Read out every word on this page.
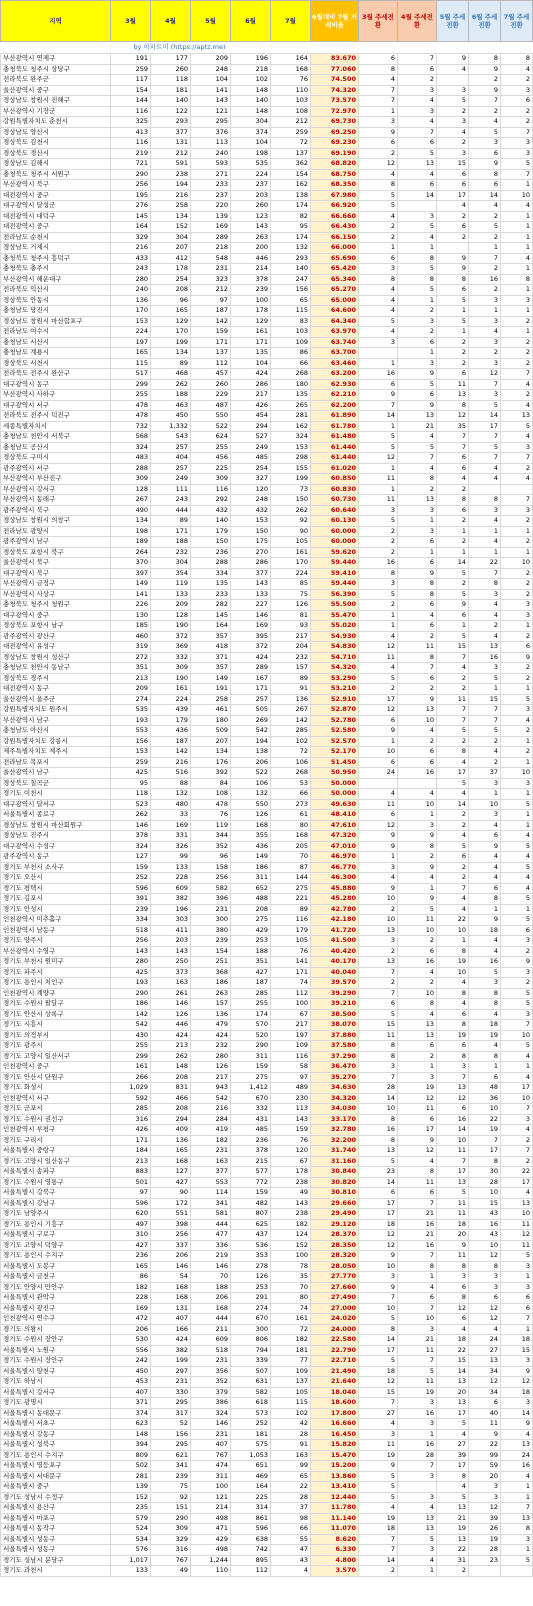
지역	3월	4월	5월	6월	7월	6월대비 7월 거래비율	3월 주세전환	4월 주세전환	5월 주세전환	6월 주세전환	7월 주세전환
by 아파트미 (https://aptz.me)											
부산광역시 연제구	191	177	209	196	164	83.670	6	7	9	8	8
충청북도 청주시 상당구	259	260	248	218	168	77.060	8	6	4	9	4
전라북도 완주군	117	118	104	102	76	74.500	4	2		2	2
울산광역시 중구	154	181	141	148	110	74.320	7	3	3	9	3
경상남도 창원시 진해구	144	140	143	140	103	73.570	7	4	5	7	6
부산광역시 기장군	116	122	121	148	108	72.970	1	3	2	2	2
강원특별자치도 춘천시	325	293	295	304	212	69.730	3	4	3	4	2
경상남도 양산시	413	377	376	374	259	69.250	9	7	4	5	7
경상북도 김천시	116	131	113	104	72	69.230	6	6	2	3	3
경상북도 경산시	219	212	240	198	137	69.190	2	5	3	6	3
경상남도 김해시	721	591	593	535	362	68.820	12	13	15	9	5
충청북도 청주시 서원구	290	238	271	224	154	68.750	4	4	6	8	7
부산광역시 북구	256	194	233	237	162	68.350	8	6	6	6	1
대전광역시 중구	195	216	237	203	138	67.980	5	14	17	14	10
대구광역시 달성군	276	258	220	260	174	66.920	5		4	4	4
대전광역시 대덕구	145	134	139	123	82	66.660	4	3	2	2	1
대전광역시 중구	164	152	169	143	95	66.430	2	5	6	5	1
전라남도 순천시	329	304	289	263	174	66.150	2	4	2	2	1
경상남도 거제시	216	207	218	200	132	66.000	1	1		1	1
충청북도 청주시 흥덕구	433	412	548	446	293	65.690	6	8	9	7	4
충청북도 충주시	243	178	231	214	140	65.420	3	5	9	2	1
부산광역시 해운대구	280	254	323	378	247	65.340	8	8	8	16	8
전라북도 익산시	240	208	212	239	156	65.270	4	5	6	2	1
경상북도 안동시	136	96	97	100	65	65.000	4	1	5	3	3
충청남도 당진시	170	165	187	178	115	64.600	4	2	1	1	1
경상남도 창원시 마산합포구	153	129	142	129	83	64.340	5	3	5	3	2
전라남도 여수시	224	170	159	161	103	63.970	4	2	1	4	1
충청남도 서산시	197	199	171	171	109	63.740	3	6	2	3	2
충청남도 계룡시	165	134	137	135	86	63.700		1	2	2	2
경상북도 서천시	115	89	112	104	66	63.460	1	3	2	3	2
전라북도 전주시 완산구	517	468	457	424	268	63.200	16	9	6	12	7
대구광역시 동구	299	262	260	286	180	62.930	6	5	11	7	4
부산광역시 사하구	255	188	229	217	135	62.210	9	6	13	3	2
대구광역시 서구	478	463	487	426	265	62.200	7	9	8	5	4
전라북도 전주시 덕진구	478	450	550	454	281	61.890	14	13	12	14	13
세종특별자치시	732	1,332	522	294	162	61.780	1	21	35	17	5
충청남도 천안시 서북구	568	543	624	527	324	61.480	5	4	7	7	4
충청남도 공산시	324	257	255	249	153	61.440	5	5	7	5	3
경상북도 구미시	483	404	456	485	298	61.440	12	7	6	7	7
광주광역시 서구	288	257	225	254	155	61.020	1	4	6	4	2
부산광역시 부산진구	309	249	309	327	199	60.850	11	8	4	4	4
부산광역시 강서구	128	111	116	120	73	60.830	1	2	2		
부산광역시 동래구	267	243	292	248	150	60.730	11	13	8	8	7
광주광역시 북구	490	444	432	432	262	60.640	3	3	6	3	3
경상남도 창원시 의창구	134	89	140	153	92	60.130	5	1	2	4	2
전라남도 광양시	198	171	179	150	90	60.000	2	3	1	1	1
광주광역시 남구	189	188	150	175	105	60.000	2	6	2	4	2
경상북도 포항시 북구	264	232	236	270	161	59.620	2	1	1	1	1
울산광역시 북구	370	304	288	286	170	59.440	16	6	14	22	10
대구광역시 북구	397	354	334	377	224	59.410	8	9	5	7	2
부산광역시 금정구	149	119	135	143	85	59.440	3	8	2	8	2
부산광역시 사상구	141	133	233	133	75	56.390	5	8	5	3	2
충청북도 청주시 청원구	226	209	282	227	126	55.500	2	6	9	4	3
대구광역시 중구	130	128	145	146	81	55.470	1	4	6	4	3
경상북도 포항시 남구	185	190	164	169	93	55.020	1	6	1	2	1
광주광역시 광산구	460	372	357	395	217	54.930	4	2	5	4	2
대전광역시 유성구	319	369	418	372	204	54.830	12	11	15	13	6
경상남도 창원시 성산구	272	332	371	424	232	54.710	11	8	7	16	9
충청남도 천안시 동남구	351	309	357	289	157	54.320	4	7	4	3	2
경상북도 경주시	213	190	149	167	89	53.290	5	6	2	5	2
대전광역시 동구	209	161	191	171	91	53.210	2	2	2	1	1
울산광역시 울주군	274	224	258	257	136	52.910	17	9	11	15	5
강원특별자치도 원주시	535	439	461	505	267	52.870	12	13	7	7	3
부산광역시 남구	193	179	180	269	142	52.780	6	10	7	7	4
충청남도 아산시	553	436	509	542	285	52.580	9	4	5	5	2
강원특별자치도 강릉시	156	187	207	194	102	52.570	1	2	2	2	1
제주특별자치도 제주시	153	142	134	138	72	52.170	10	6	8	4	2
전라남도 목포시	259	216	176	206	106	51.450	6	6	4	2	1
울산광역시 남구	425	516	392	522	268	50.950	24	16	17	37	10
경상북도 칠곡군	95	88	84	106	53	50.000			5	3	3
경기도 이천시	118	132	108	132	66	50.000	4	4	4	1	1
대구광역시 달서구	523	480	478	550	273	49.630	11	10	14	10	5
서울특별시 종로구	262	33	76	126	61	48.410	6	1	2	3	1
경상남도 창원시 마산회원구	146	169	119	168	80	47.610	12	3	2	4	1
경상남도 진주시	378	331	344	355	168	47.320	9	9	4	6	4
대구광역시 수성구	324	326	352	436	205	47.010	9	8	5	9	5
광주광역시 동구	127	99	96	149	70	46.970	1	2	6	4	4
경기도 부천시 소사구	159	133	158	186	87	46.770	3	9	2	4	5
경기도 오산시	252	228	256	311	144	46.300	4	4	2	4	4
경기도 평택시	596	609	582	652	275	45.880	9	1	7	6	4
경기도 김포시	391	382	396	488	221	45.280	10	9	4	8	5
경기도 안성시	239	196	231	208	89	42.780	2	5	4	1	1
인천광역시 미추홀구	334	303	300	275	116	42.180	10	11	22	9	5
인천광역시 남동구	518	411	380	429	179	41.720	13	10	10	18	6
경기도 양주시	256	203	239	253	105	41.500	3	2	1	4	3
부산광역시 수영구	143	143	154	188	76	40.420	2	6	8	4	2
경기도 부천시 원미구	280	250	251	351	141	40.170	13	16	19	16	9
경기도 파주시	425	373	368	427	171	40.040	7	4	10	5	3
경기도 용인시 처인구	193	163	186	187	74	39.570	2	2	4	3	2
인천광역시 계양구	290	261	263	285	112	39.290	7	10	8	8	5
경기도 수원시 팔달구	186	146	157	255	100	39.210	6	8	4	8	5
경기도 안산시 상록구	142	126	136	174	67	38.500	5	4	6	4	3
경기도 시흥시	542	446	479	570	217	38.070	15	13	8	18	7
경기도 의정부시	430	424	424	520	197	37.880	11	13	19	19	10
경기도 광주시	255	213	232	290	109	37.580	8	6	6	4	5
경기도 고양시 일산서구	299	262	280	311	116	37.290	8	2	8	8	4
인천광역시 중구	161	148	126	159	58	36.470	3	1	3	1	1
경기도 안산시 단원구	266	208	217	275	97	35.270	7	3	7	6	4
경기도 화성시	1,029	831	943	1,412	489	34.630	28	19	13	48	17
인천광역시 서구	592	466	542	670	230	34.320	14	12	12	36	10
경기도 군포시	285	208	216	332	113	34.030	10	11	6	10	7
경기도 수원시 권선구	316	294	284	431	143	33.170	8	6	16	22	3
인천광역시 부평구	426	409	419	485	159	32.780	16	17	14	19	4
경기도 구리시	171	136	182	236	76	32.200	8	9	10	7	2
서울특별시 중랑구	184	165	231	378	120	31.740	13	12	11	17	7
경기도 고양시 일산동구	213	168	163	215	67	31.160	5	4	7	8	2
서울특별시 송파구	883	127	377	577	178	30.840	23	8	17	30	22
경기도 수원시 영통구	501	427	553	772	238	30.820	14	11	13	28	17
서울특별시 강북구	97	90	114	159	49	30.810	6	6	5	10	4
서울특별시 강남구	596	172	341	482	143	29.660	17	7	11	15	13
경기도 남양주시	620	551	581	807	238	29.490	17	21	11	43	10
경기도 용인시 기흥구	497	398	444	625	182	29.120	18	16	18	16	11
서울특별시 구로구	310	256	477	437	124	28.370	12	21	20	43	12
경기도 고양시 덕양구	427	337	336	536	152	28.350	12	16	9	10	11
경기도 용인시 수지구	236	206	219	353	100	28.320	9	7	11	12	5
서울특별시 도봉구	165	146	146	278	78	28.050	10	8	8	8	3
서울특별시 금천구	86	54	70	126	35	27.770	3	1	3	3	1
경기도 안양시 만안구	182	168	188	253	70	27.660	9	4	6	3	3
서울특별시 관악구	228	168	206	291	80	27.490	7	6	8	6	6
서울특별시 광진구	169	131	168	274	74	27.000	10	7	12	12	6
인천광역시 연수구	472	407	444	670	161	24.020	5	10	6	12	7
경기도 의왕시	206	166	211	300	72	24.000	8	3	4	4	1
경기도 수원시 장안구	530	424	609	806	182	22.580	14	21	18	24	18
서울특별시 노원구	556	382	518	794	181	22.790	17	11	22	27	15
경기도 수원시 장안구	242	199	231	339	77	22.710	5	7	15	13	3
서울특별시 양천구	450	297	356	507	109	21.490	18	5	14	34	9
경기도 하남시	453	231	352	631	137	21.640	12	11	13	12	12
서울특별시 강서구	407	330	379	582	105	18.040	15	19	20	34	18
경기도 광명시	371	295	386	618	115	18.600	7	3	13	6	3
서울특별시 동대문구	374	317	324	573	102	17.800	27	16	17	40	14
서울특별시 서초구	623	52	146	252	42	16.660	4	3	5	11	9
서울특별시 강동구	148	156	231	181	28	16.450	3	1	4	9	4
서울특별시 성북구	394	295	407	575	91	15.820	11	16	27	22	13
경기도 용인시 수지구	809	621	767	1,053	163	15.470	19	28	39	99	24
서울특별시 영등포구	502	341	474	651	99	15.200	9	7	17	59	16
서울특별시 서대문구	281	239	311	469	65	13.860	5	3	8	20	4
서울특별시 중구	139	75	100	164	22	13.410	5		4	3	1
경기도 성남시 수정구	152	92	121	225	28	12.440	5	3	5	3	1
서울특별시 용산구	235	151	214	314	37	11.780	4	4	13	12	7
서울특별시 마포구	579	290	498	861	98	11.140	19	13	21	39	13
서울특별시 동작구	524	309	471	596	66	11.070	18	13	19	26	8
서울특별시 성동구	534	329	429	638	55	8.620	7	5	13	19	3
서울특별시 성동구	576	316	498	742	47	6.330	7	3	22	28	1
경기도 성남시 분당구	1,017	767	1,244	895	43	4.800	14	4	31	23	5
경기도 과천시	133	49	110	112	4	3.570	2	1	2		
